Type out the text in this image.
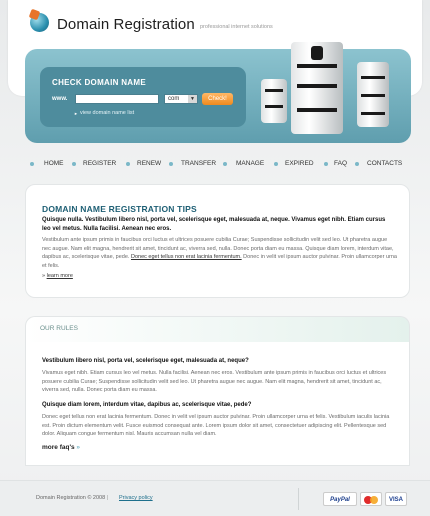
Domain Registration professional internet solutions
CHECK DOMAIN NAME
www.	com	▼	Check!
► view domain name list
HOME	REGISTER	RENEW	TRANSFER	MANAGE	EXPIRED	FAQ	CONTACTS
DOMAIN NAME REGISTRATION TIPS
Quisque nulla. Vestibulum libero nisl, porta vel, scelerisque eget, malesuada at, neque. Vivamus eget nibh. Etiam cursus leo vel metus. Nulla facilisi. Aenean nec eros.
Vestibulum ante ipsum primis in faucibus orci luctus et ultrices posuere cubilia Curae; Suspendisse sollicitudin velit sed leo. Ut pharetra augue nec augue. Nam elit magna, hendrerit sit amet, tincidunt ac, viverra sed, nulla. Donec porta diam eu massa. Quisque diam lorem, interdum vitae, dapibus ac, scelerisque vitae, pede. Donec eget tellus non erat lacinia fermentum. Donec in velit vel ipsum auctor pulvinar. Proin ullamcorper urna et felis.
» learn more
OUR RULES
Vestibulum libero nisl, porta vel, scelerisque eget, malesuada at, neque?
Vivamus eget nibh. Etiam cursus leo vel metus. Nulla facilisi. Aenean nec eros. Vestibulum ante ipsum primis in faucibus orci luctus et ultrices posuere cubilia Curae; Suspendisse sollicitudin velit sed leo. Ut pharetra augue nec augue. Nam elit magna, hendrerit sit amet, tincidunt ac, viverra sed, nulla. Donec porta diam eu massa.
Quisque diam lorem, interdum vitae, dapibus ac, scelerisque vitae, pede?
Donec eget tellus non erat lacinia fermentum. Donec in velit vel ipsum auctor pulvinar. Proin ullamcorper urna et felis. Vestibulum iaculis lacinia est. Proin dictum elementum velit. Fusce euismod consequat ante. Lorem ipsum dolor sit amet, consectetuer adipiscing elit. Pellentesque sed dolor. Aliquam congue fermentum nisl. Mauris accumsan nulla vel diam.
more faq's »
Domain Registration © 2008 | Privacy policy	PayPal	VISA
